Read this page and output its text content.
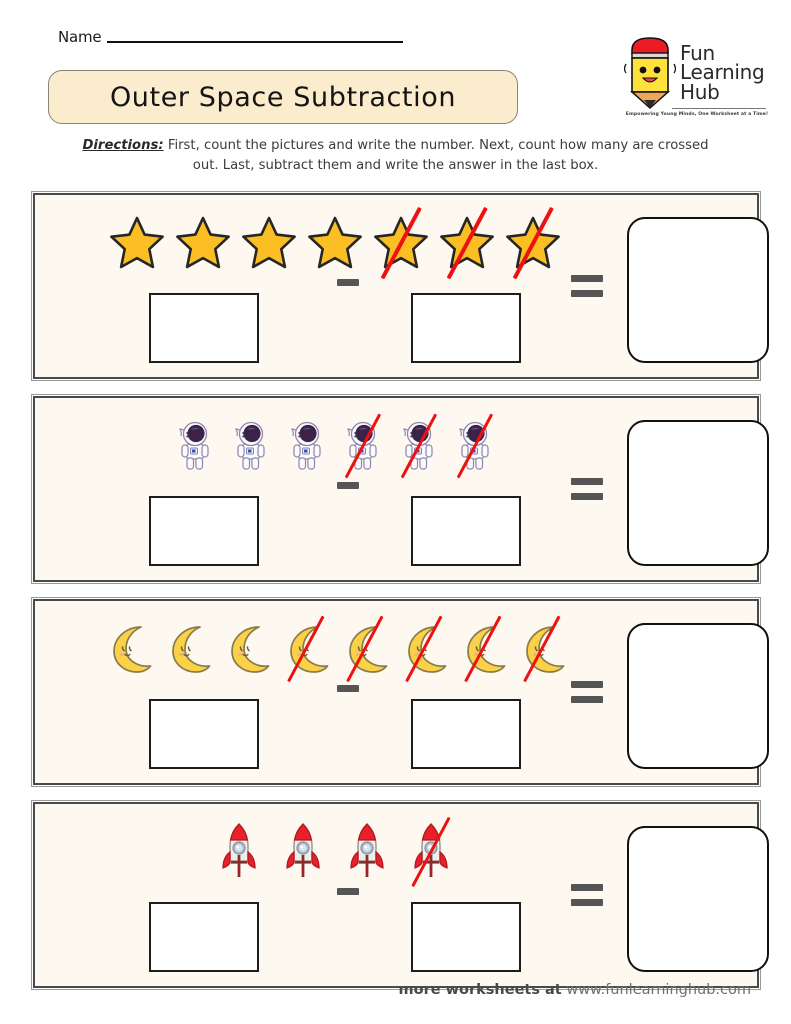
Name
Outer Space Subtraction
Fun
Learning
Hub
Empowering Young Minds, One Worksheet at a Time!
Directions: First, count the pictures and write the number. Next, count how many are crossed
out. Last, subtract them and write the answer in the last box.
more worksheets at www.funlearninghub.com
